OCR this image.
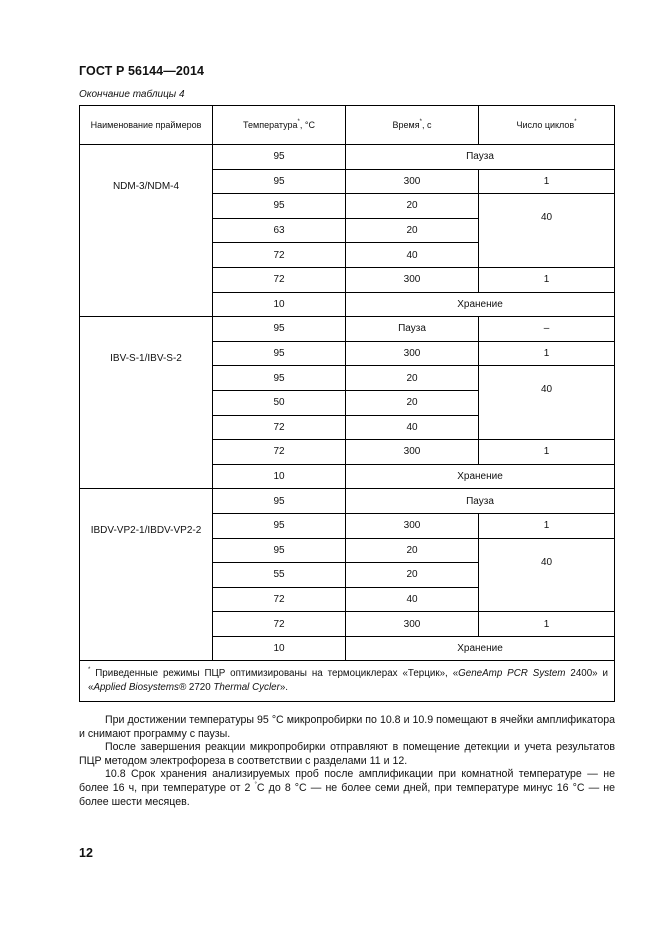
ГОСТ Р 56144—2014
Окончание таблицы 4
Наименование праймеров	Температура*, °С	Время*, с	Число циклов*
NDM-3/NDM-4	95	Пауза	
	95	300	1
	95	20	40
	63	20	
	72	40	
	72	300	1
	10	Хранение	
IBV-S-1/IBV-S-2	95	Пауза	–
	95	300	1
	95	20	40
	50	20	
	72	40	
	72	300	1
	10	Хранение	
IBDV-VP2-1/IBDV-VP2-2	95	Пауза	
	95	300	1
	95	20	40
	55	20	
	72	40	
	72	300	1
	10	Хранение	
* Приведенные режимы ПЦР оптимизированы на термоциклерах «Терцик», «GeneAmp PCR System 2400» и «Applied Biosystems® 2720 Thermal Cycler».			
При достижении температуры 95 °С микропробирки по 10.8 и 10.9 помещают в ячейки амплификатора и снимают программу с паузы.
После завершения реакции микропробирки отправляют в помещение детекции и учета результатов ПЦР методом электрофореза в соответствии с разделами 11 и 12.
10.8 Срок хранения анализируемых проб после амплификации при комнатной температуре — не более 16 ч, при температуре от 2 °С до 8 °С — не более семи дней, при температуре минус 16 °С — не более шести месяцев.
12
